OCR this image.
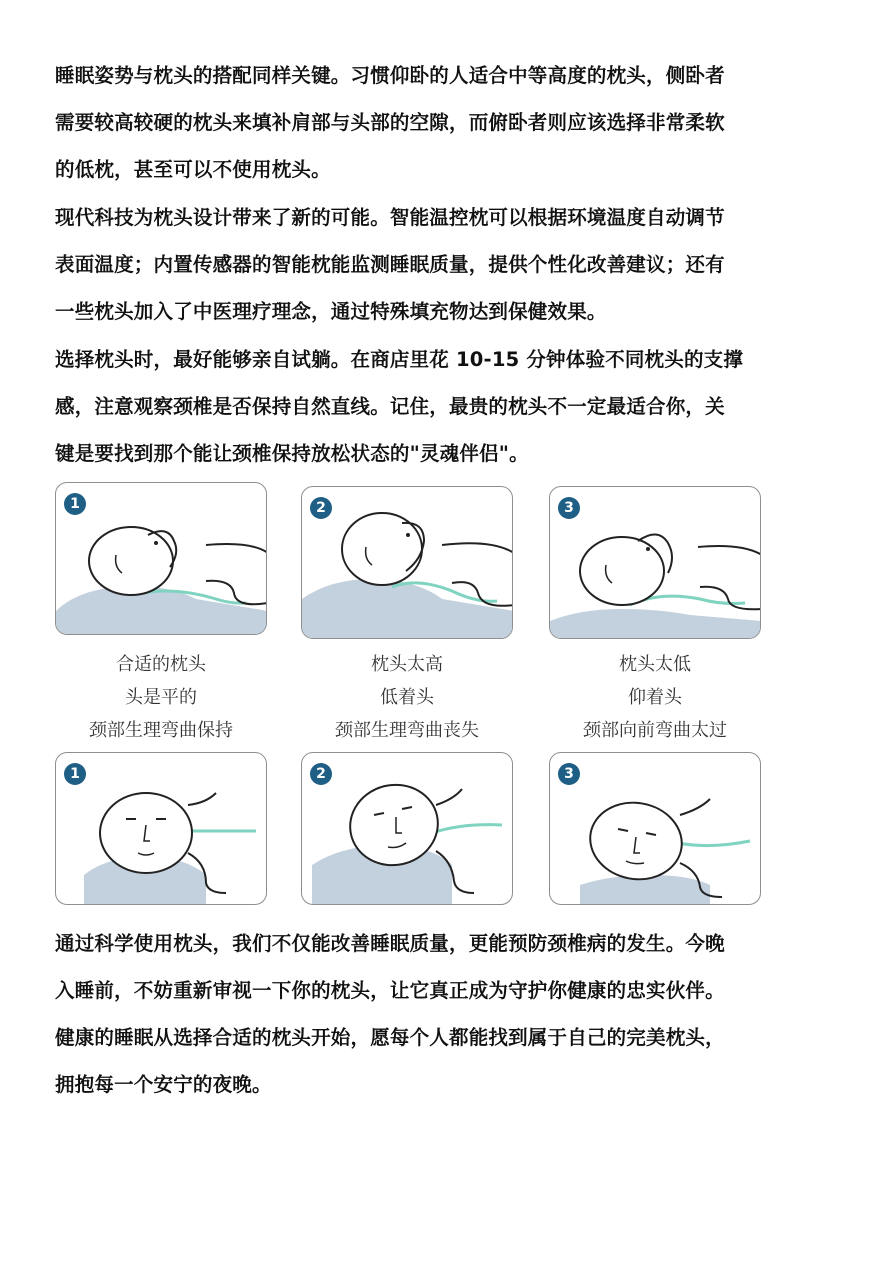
睡眠姿势与枕头的搭配同样关键。习惯仰卧的人适合中等高度的枕头，侧卧者
需要较高较硬的枕头来填补肩部与头部的空隙，而俯卧者则应该选择非常柔软
的低枕，甚至可以不使用枕头。
现代科技为枕头设计带来了新的可能。智能温控枕可以根据环境温度自动调节
表面温度；内置传感器的智能枕能监测睡眠质量，提供个性化改善建议；还有
一些枕头加入了中医理疗理念，通过特殊填充物达到保健效果。
选择枕头时，最好能够亲自试躺。在商店里花 10-15 分钟体验不同枕头的支撑
感，注意观察颈椎是否保持自然直线。记住，最贵的枕头不一定最适合你，关
键是要找到那个能让颈椎保持放松状态的"灵魂伴侣"。
1	2	3
合适的枕头
头是平的
颈部生理弯曲保持
枕头太高
低着头
颈部生理弯曲丧失
枕头太低
仰着头
颈部向前弯曲太过
1	2	3
通过科学使用枕头，我们不仅能改善睡眠质量，更能预防颈椎病的发生。今晚
入睡前，不妨重新审视一下你的枕头，让它真正成为守护你健康的忠实伙伴。
健康的睡眠从选择合适的枕头开始，愿每个人都能找到属于自己的完美枕头，
拥抱每一个安宁的夜晚。
